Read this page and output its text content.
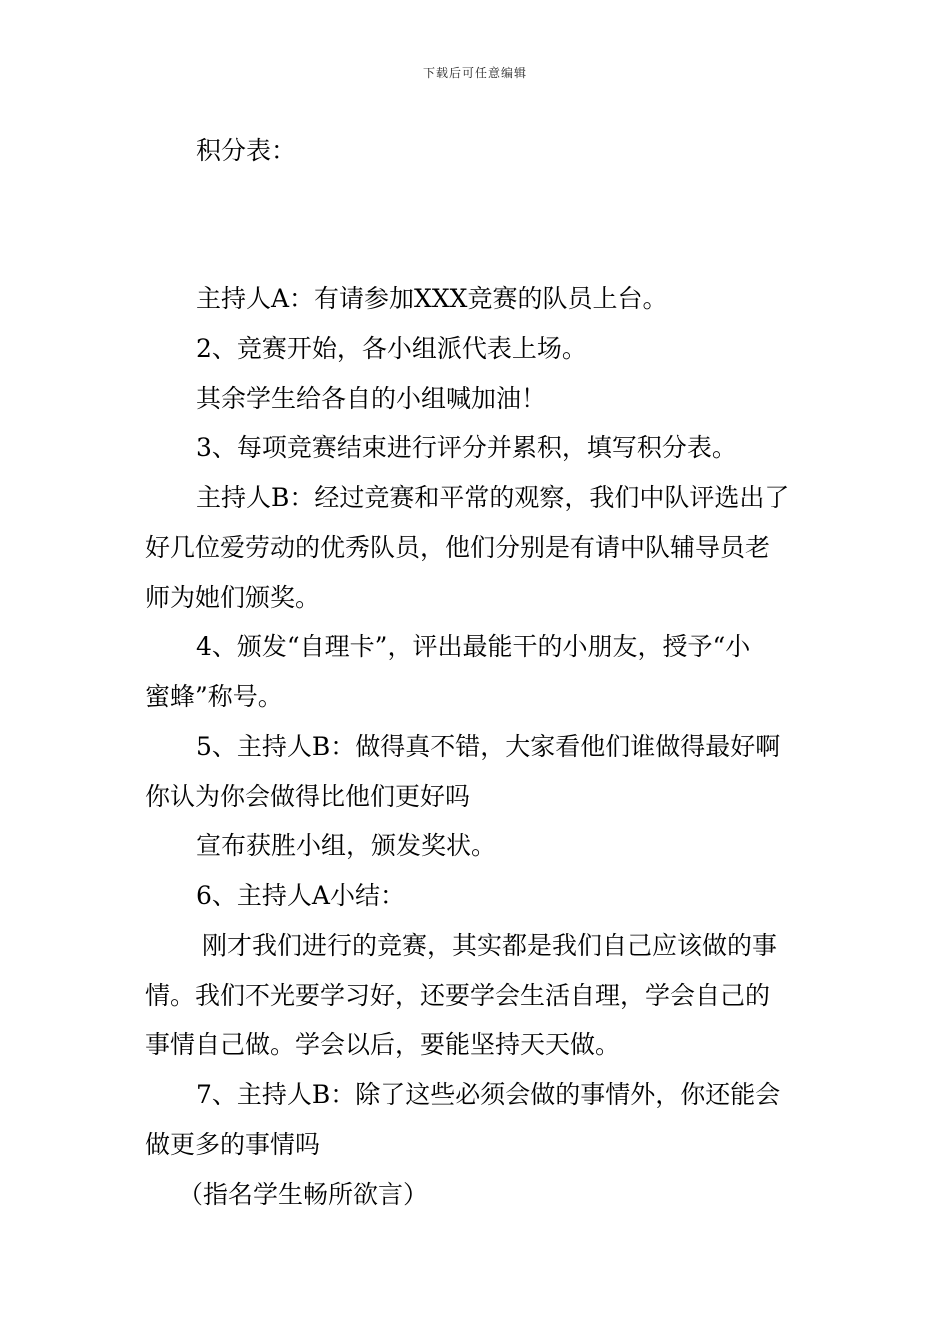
下载后可任意编辑
积分表：
主持人A：有请参加XXX竞赛的队员上台。
2、竞赛开始，各小组派代表上场。
其余学生给各自的小组喊加油！
3、每项竞赛结束进行评分并累积，填写积分表。
主持人B：经过竞赛和平常的观察，我们中队评选出了
好几位爱劳动的优秀队员，他们分别是有请中队辅导员老
师为她们颁奖。
4、颁发“自理卡”，评出最能干的小朋友，授予“小
蜜蜂”称号。
5、主持人B：做得真不错，大家看他们谁做得最好啊
你认为你会做得比他们更好吗
宣布获胜小组，颁发奖状。
6、主持人A小结：
刚才我们进行的竞赛，其实都是我们自己应该做的事
情。我们不光要学习好，还要学会生活自理，学会自己的
事情自己做。学会以后，要能坚持天天做。
7、主持人B：除了这些必须会做的事情外，你还能会
做更多的事情吗
（指名学生畅所欲言）
